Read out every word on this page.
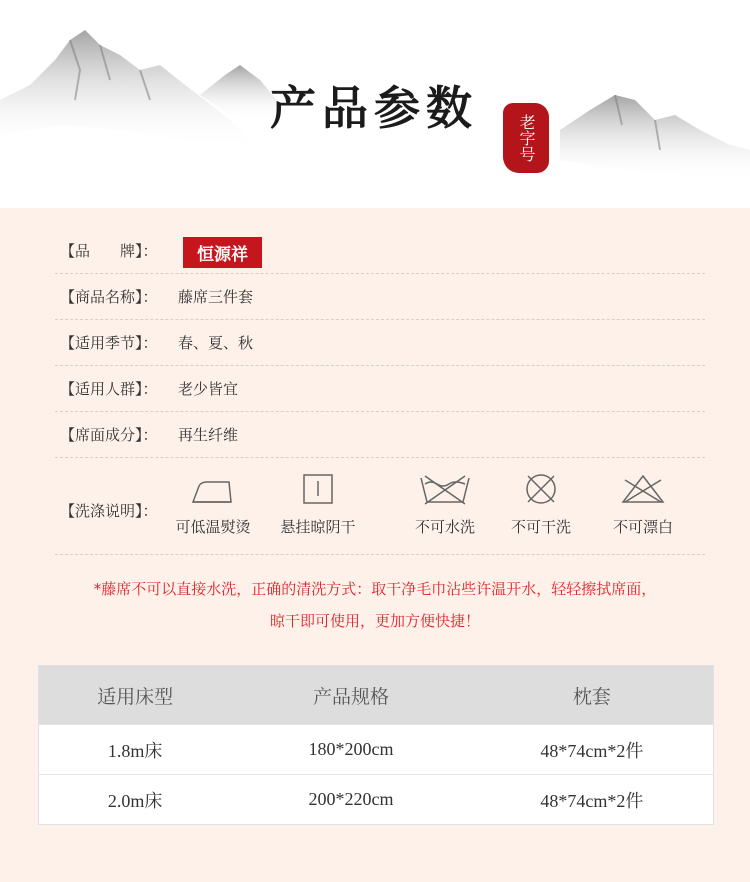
产品参数
老字号
【品　　牌】：	恒源祥
【商品名称】： 藤席三件套
【适用季节】： 春、夏、秋
【适用人群】： 老少皆宜
【席面成分】： 再生纤维
【洗涤说明】：
可低温熨烫	悬挂晾阴干	不可水洗	不可干洗	不可漂白
*藤席不可以直接水洗，正确的清洗方式：取干净毛巾沾些许温开水，轻轻擦拭席面，
晾干即可使用，更加方便快捷！
适用床型	产品规格	枕套
1.8m床	180*200cm	48*74cm*2件
2.0m床	200*220cm	48*74cm*2件
